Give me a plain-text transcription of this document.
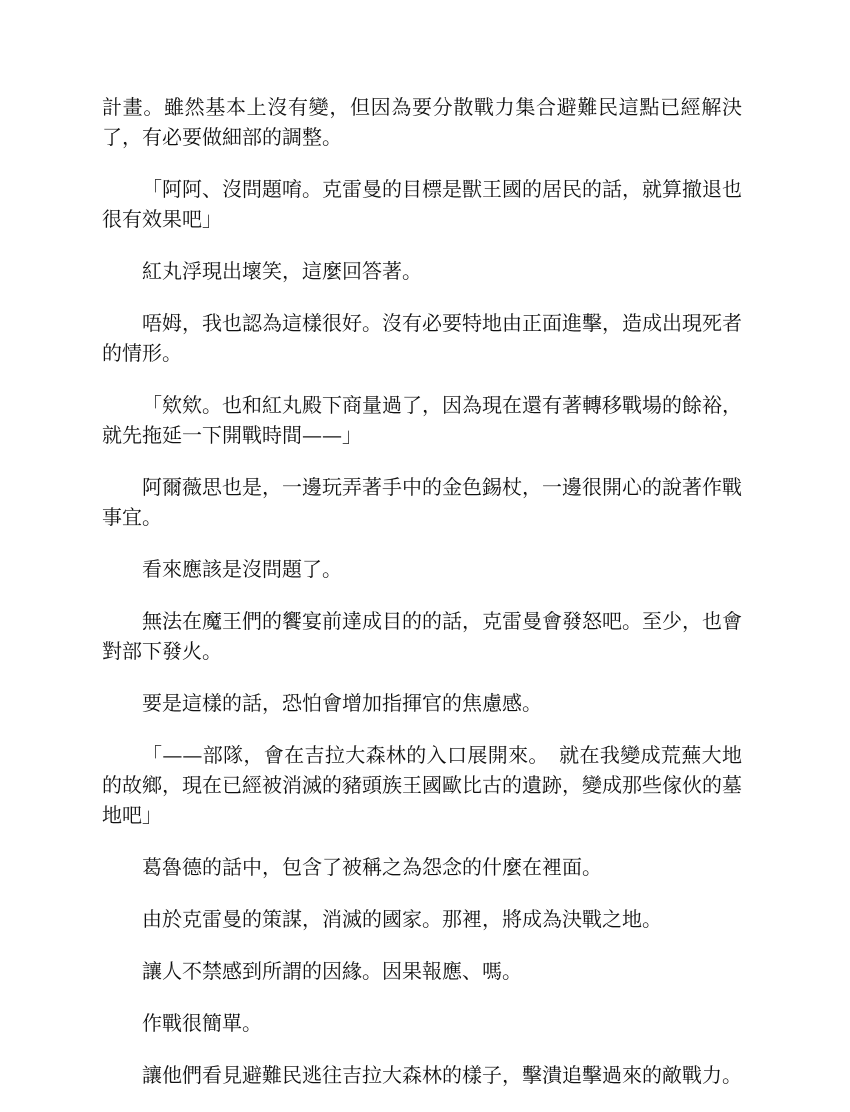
計畫。雖然基本上沒有變，但因為要分散戰力集合避難民這點已經解決了，有必要做細部的調整。

「阿阿、沒問題唷。克雷曼的目標是獸王國的居民的話，就算撤退也很有效果吧」

紅丸浮現出壞笑，這麼回答著。

唔姆，我也認為這樣很好。沒有必要特地由正面進擊，造成出現死者的情形。

「欸欸。也和紅丸殿下商量過了，因為現在還有著轉移戰場的餘裕，就先拖延一下開戰時間——」

阿爾薇思也是，一邊玩弄著手中的金色錫杖，一邊很開心的說著作戰事宜。

看來應該是沒問題了。

無法在魔王們的饗宴前達成目的的話，克雷曼會發怒吧。至少，也會對部下發火。

要是這樣的話，恐怕會增加指揮官的焦慮感。

「——部隊，會在吉拉大森林的入口展開來。　就在我變成荒蕪大地的故鄉，現在已經被消滅的豬頭族王國歐比古的遺跡，變成那些傢伙的墓地吧」

葛魯德的話中，包含了被稱之為怨念的什麼在裡面。

由於克雷曼的策謀，消滅的國家。那裡，將成為決戰之地。

讓人不禁感到所謂的因緣。因果報應、嗎。

作戰很簡單。

讓他們看見避難民逃往吉拉大森林的樣子，擊潰追擊過來的敵戰力。
